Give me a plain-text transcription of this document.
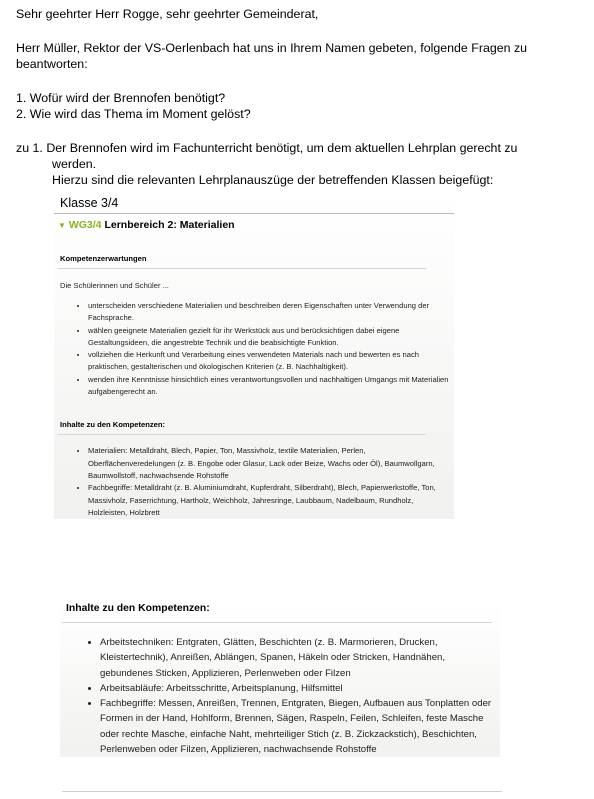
Sehr geehrter Herr Rogge, sehr geehrter Gemeinderat,

Herr Müller, Rektor der VS-Oerlenbach hat uns in Ihrem Namen gebeten, folgende Fragen zu beantworten:

1. Wofür wird der Brennofen benötigt?

2. Wie wird das Thema im Moment gelöst?

zu 1. Der Brennofen wird im Fachunterricht benötigt, um dem aktuellen Lehrplan gerecht zu

werden.

Hierzu sind die relevanten Lehrplanauszüge der betreffenden Klassen beigefügt:

Klasse 3/4
▼ WG3/4 Lernbereich 2: Materialien
Kompetenzerwartungen
Die Schülerinnen und Schüler ...
• unterscheiden verschiedene Materialien und beschreiben deren Eigenschaften unter Verwendung der Fachsprache.
• wählen geeignete Materialien gezielt für ihr Werkstück aus und berücksichtigen dabei eigene Gestaltungsideen, die angestrebte Technik und die beabsichtigte Funktion.
• vollziehen die Herkunft und Verarbeitung eines verwendeten Materials nach und bewerten es nach praktischen, gestalterischen und ökologischen Kriterien (z. B. Nachhaltigkeit).
• wenden ihre Kenntnisse hinsichtlich eines verantwortungsvollen und nachhaltigen Umgangs mit Materialien aufgabengerecht an.
Inhalte zu den Kompetenzen:
• Materialien: Metalldraht, Blech, Papier, Ton, Massivholz, textile Materialien, Perlen, Oberflächenveredelungen (z. B. Engobe oder Glasur, Lack oder Beize, Wachs oder Öl), Baumwollgarn, Baumwollstoff, nachwachsende Rohstoffe
• Fachbegriffe: Metalldraht (z. B. Aluminiumdraht, Kupferdraht, Silberdraht), Blech, Papierwerkstoffe, Ton, Massivholz, Faserrichtung, Hartholz, Weichholz, Jahresringe, Laubbaum, Nadelbaum, Rundholz, Holzleisten, Holzbrett
Inhalte zu den Kompetenzen:
• Arbeitstechniken: Entgraten, Glätten, Beschichten (z. B. Marmorieren, Drucken, Kleistertechnik), Anreißen, Ablängen, Spanen, Häkeln oder Stricken, Handnähen, gebundenes Sticken, Applizieren, Perlenweben oder Filzen
• Arbeitsabläufe: Arbeitsschritte, Arbeitsplanung, Hilfsmittel
• Fachbegriffe: Messen, Anreißen, Trennen, Entgraten, Biegen, Aufbauen aus Tonplatten oder Formen in der Hand, Hohlform, Brennen, Sägen, Raspeln, Feilen, Schleifen, feste Masche oder rechte Masche, einfache Naht, mehrteiliger Stich (z. B. Zickzackstich), Beschichten, Perlenweben oder Filzen, Applizieren, nachwachsende Rohstoffe
